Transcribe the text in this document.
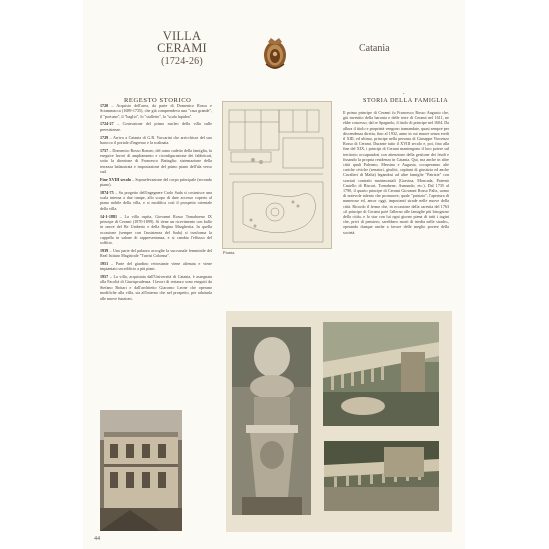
VILLA
CERAMI
(1724-26)
Catania
REGESTO STORICO

1720 – Acquisto dell'area, da parte di Domenico Rosso e Sciammacca (1689-1735), che già comprendeva una "casa grande", il "portuno", il "baglio", lo "stalletto", la "scala lapidea".

1724-27 – Costruzione del primo nucleo della villa sulle preesistenze.

1729 – Arrivo a Catania di G.B. Vaccarini che arricchisce del suo barocco il portale d'ingresso e la scalinata.

1757 – Domenico Rosso Romeo, del ramo cadetto della famiglia, fa eseguire lavori di ampliamento e riconfigurazione dei fabbricati, sotto la direzione di Francesco Battaglia: sistemazione della terrazza balaustrata e impostazione del primo piano dell'ala verso sud.

Fine XVIII secolo – Sopraelevazione del corpo principale (secondo piano).

1874-75 – Su progetto dell'ingegnere Carlo Sada si costruisce una scala interna a due rampe, allo scopo di dare accesso coperto al piano nobile della villa, e si modifica così il prospetto orientale della villa.

14-1-1881 – La villa ospita, Giovanni Rosso Tomaboeno IX principe di Cerami (1870-1899). Si tiene un ricevimento con ballo in onore del Re Umberto e della Regina Margherita. In quella occasione (sempre con l'assistenza del Sada) si trasforma la cappella in salone di rappresentanza, e si cambia l'effusso del soffitto.

1939 – Uno parte del palazzo accoglie la succursale femminile del Real Istituto Magistrale "Turrisi Colonna".

1951 – Parte del giardino retrostante viene alienata e viene impiantato un edificio a più piani.

1957 – La villa, acquistata dall'Università di Catania, è assegnata alla Facoltà di Giurisprudenza. I lavori di restauro sono eseguiti da Stefano Bottari e dall'architetto Giacomo Leone che operano modifiche alla villa, sia all'interno che nel prospetto, per adattarla alle nuove funzioni.

Pianta.
•
STORIA DELLA FAMIGLIA

Il primo principe di Cerami fu Francesco Rosso Angusto che, già investito della baronia e delle terre di Cerami nel 1611, ne ebbe concesso, dal re Spagnolo, il titolo di principe nel 1604. Da allora il titolo e proprietà vengono tramandate, quasi sempre per discendenza diretta, fino al 1932, anno in cui muore senza eredi il XIII, ed ultimo, principe nella persona di Giuseppe Vincenzo Rosso di Cerami. Durante tutto il XVIII secolo e, poi, fino alla fine del XIX, i principi di Cerami mantengono il loro potere sul territorio occupandosi con attenzione della gestione dei feudi e fissando la propria residenza in Catania. Qui, ma anche in altre città quali Palermo, Messina e Augusta, occuperanno alte cariche civiche (senatori, giudici, capitani di giustizia ed anche Cavalieri di Malta) legandosi ad altre famiglie "Patrizie" con svariati contratti matrimoniali (Gravina, Moncada, Paternò Castello di Biscari, Tornabene, Asmundo, etc.). Dal 1735 al 1790, il quarto principe di Cerami Giovanni Rosso Paliz, uomo di notevole talento che promuove, quale "patrizio", l'apertura di numerose ed, ancor oggi, importanti strade nelle nuove della città. Ricordo il fermo che, in occasione della carestia del 1763 «il principe di Cerami potè l'allerno alle famiglie più bisognose della città» e lo star con lui ogni giorno piena di tutti i tagini che, privi di pensiero, sarebbero morti di inedia nelle strade», operando dunque anche a favore delle meglio povere della società.

44
